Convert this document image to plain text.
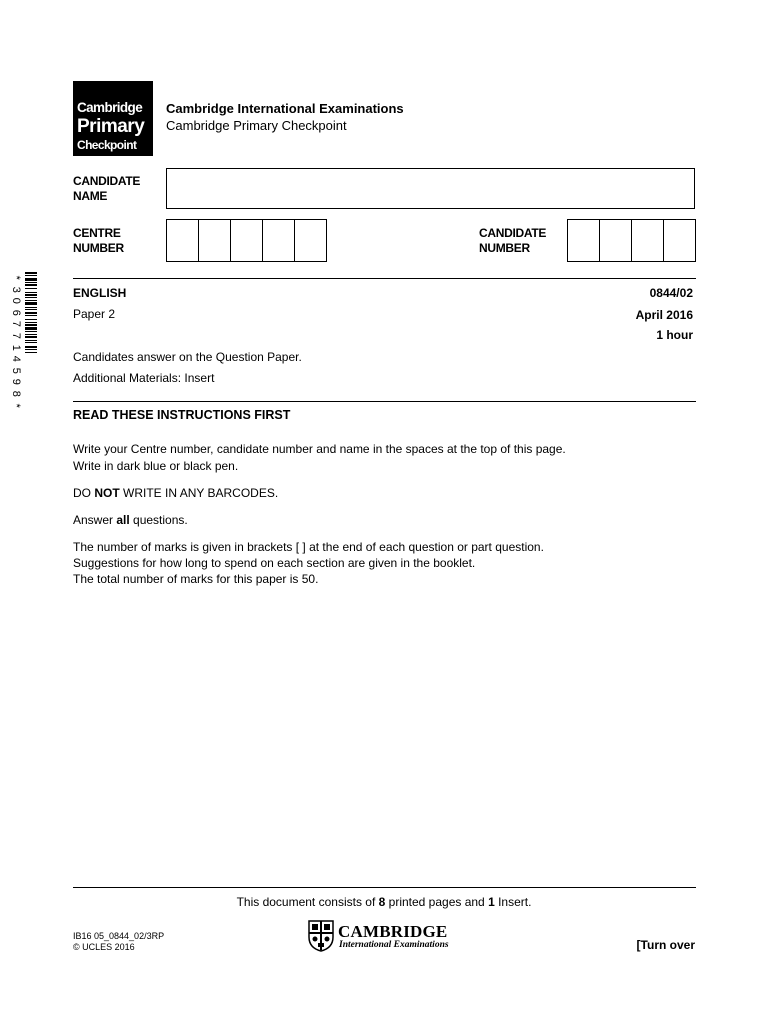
Cambridge
Primary
Checkpoint
Cambridge International Examinations
Cambridge Primary Checkpoint
CANDIDATE
NAME
CENTRE
NUMBER
CANDIDATE
NUMBER
*
3
0
6
7
7
1
4
5
9
8
*
ENGLISH	0844/02
Paper 2	April 2016
1 hour
Candidates answer on the Question Paper.
Additional Materials: Insert
READ THESE INSTRUCTIONS FIRST
Write your Centre number, candidate number and name in the spaces at the top of this page.
Write in dark blue or black pen.
DO NOT WRITE IN ANY BARCODES.
Answer all questions.
The number of marks is given in brackets [ ] at the end of each question or part question.
Suggestions for how long to spend on each section are given in the booklet.
The total number of marks for this paper is 50.
This document consists of 8 printed pages and 1 Insert.
IB16 05_0844_02/3RP
© UCLES 2016
CAMBRIDGE
International Examinations	[Turn over
